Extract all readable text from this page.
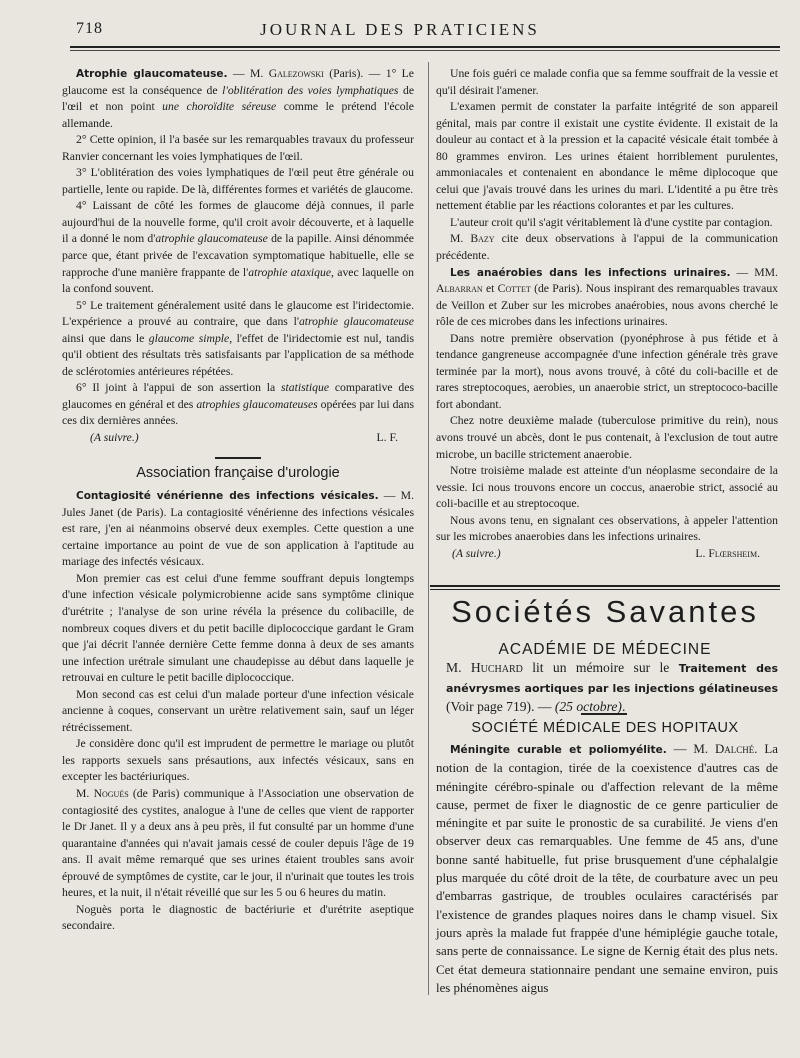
718	JOURNAL DES PRATICIENS

Atrophie glaucomateuse. — M. Galezowski (Paris). — 1° Le glaucome est la conséquence de l'oblitération des voies lymphatiques de l'œil et non point une choroïdite séreuse comme le prétend l'école allemande.

2° Cette opinion, il l'a basée sur les remarquables travaux du professeur Ranvier concernant les voies lymphatiques de l'œil.

3° L'oblitération des voies lymphatiques de l'œil peut être générale ou partielle, lente ou rapide. De là, différentes formes et variétés de glaucome.

4° Laissant de côté les formes de glaucome déjà connues, il parle aujourd'hui de la nouvelle forme, qu'il croit avoir découverte, et à laquelle il a donné le nom d'atrophie glaucomateuse de la papille. Ainsi dénommée parce que, étant privée de l'excavation symptomatique habituelle, elle se rapproche d'une manière frappante de l'atrophie ataxique, avec laquelle on la confond souvent.

5° Le traitement généralement usité dans le glaucome est l'iridectomie. L'expérience a prouvé au contraire, que dans l'atrophie glaucomateuse ainsi que dans le glaucome simple, l'effet de l'iridectomie est nul, tandis qu'il obtient des résultats très satisfaisants par l'application de sa méthode de sclérotomies antérieures répétées.

6° Il joint à l'appui de son assertion la statistique comparative des glaucomes en général et des atrophies glaucomateuses opérées par lui dans ces dix dernières années.

(A suivre.)	L. F.
Association française d'urologie

Contagiosité vénérienne des infections vésicales. — M. Jules Janet (de Paris). La contagiosité vénérienne des infections vésicales est rare, j'en ai néanmoins observé deux exemples. Cette question a une certaine importance au point de vue de son application à l'aptitude au mariage des infectés vésicaux.

Mon premier cas est celui d'une femme souffrant depuis longtemps d'une infection vésicale polymicrobienne acide sans symptôme clinique d'urétrite ; l'analyse de son urine révéla la présence du colibacille, de nombreux coques divers et du petit bacille diplococcique gardant le Gram que j'ai décrit l'année dernière Cette femme donna à deux de ses amants une infection urétrale simulant une chaudepisse au début dans laquelle je retrouvai en culture le petit bacille diplococcique.

Mon second cas est celui d'un malade porteur d'une infection vésicale ancienne à coques, conservant un urètre relativement sain, sauf un léger rétrécissement.

Je considère donc qu'il est imprudent de permettre le mariage ou plutôt les rapports sexuels sans présautions, aux infectés vésicaux, sans en excepter les bactériuriques.

M. Nogués (de Paris) communique à l'Association une observation de contagiosité des cystites, analogue à l'une de celles que vient de rapporter le Dr Janet. Il y a deux ans à peu près, il fut consulté par un homme d'une quarantaine d'années qui n'avait jamais cessé de couler depuis l'âge de 19 ans. Il avait même remarqué que ses urines étaient troubles sans avoir éprouvé de symptômes de cystite, car le jour, il n'urinait que toutes les trois heures, et la nuit, il n'était réveillé que sur les 5 ou 6 heures du matin.

Noguès porta le diagnostic de bactériurie et d'urétrite aseptique secondaire.

Une fois guéri ce malade confia que sa femme souffrait de la vessie et qu'il désirait l'amener.

L'examen permit de constater la parfaite intégrité de son appareil génital, mais par contre il existait une cystite évidente. Il existait de la douleur au contact et à la pression et la capacité vésicale était tombée à 80 grammes environ. Les urines étaient horriblement purulentes, ammoniacales et contenaient en abondance le même diplocoque que celui que j'avais trouvé dans les urines du mari. L'identité a pu être très nettement établie par les réactions colorantes et par les cultures.

L'auteur croit qu'il s'agit véritablement là d'une cystite par contagion.

M. Bazy cite deux observations à l'appui de la communication précédente.

Les anaérobies dans les infections urinaires. — MM. Albarran et Cottet (de Paris). Nous inspirant des remarquables travaux de Veillon et Zuber sur les microbes anaérobies, nous avons cherché le rôle de ces microbes dans les infections urinaires.

Dans notre première observation (pyonéphrose à pus fétide et à tendance gangreneuse accompagnée d'une infection générale très grave terminée par la mort), nous avons trouvé, à côté du coli-bacille et de rares streptocoques, aerobies, un anaerobie strict, un streptococo-bacille fort abondant.

Chez notre deuxième malade (tuberculose primitive du rein), nous avons trouvé un abcès, dont le pus contenait, à l'exclusion de tout autre microbe, un bacille strictement anaerobie.

Notre troisième malade est atteinte d'un néoplasme secondaire de la vessie. Ici nous trouvons encore un coccus, anaerobie strict, associé au coli-bacille et au streptocoque.

Nous avons tenu, en signalant ces observations, à appeler l'attention sur les microbes anaerobies dans les infections urinaires.

(A suivre.)	L. Flœrsheim.
Sociétés Savantes
ACADÉMIE DE MÉDECINE
M. Huchard lit un mémoire sur le Traitement des anévrysmes aortiques par les injections gélatineuses (Voir page 719). — (25 octobre).
SOCIÉTÉ MÉDICALE DES HOPITAUX

Méningite curable et poliomyélite. — M. Dalché. La notion de la contagion, tirée de la coexistence d'autres cas de méningite cérébro-spinale ou d'affection relevant de la même cause, permet de fixer le diagnostic de ce genre particulier de méningite et par suite le pronostic de sa curabilité. Je viens d'en observer deux cas remarquables. Une femme de 45 ans, d'une bonne santé habituelle, fut prise brusquement d'une céphalalgie plus marquée du côté droit de la tête, de courbature avec un peu d'embarras gastrique, de troubles oculaires caractérisés par l'existence de grandes plaques noires dans le champ visuel. Six jours après la malade fut frappée d'une hémiplégie gauche totale, sans perte de connaissance. Le signe de Kernig était des plus nets. Cet état demeura stationnaire pendant une semaine environ, puis les phénomènes aigus
